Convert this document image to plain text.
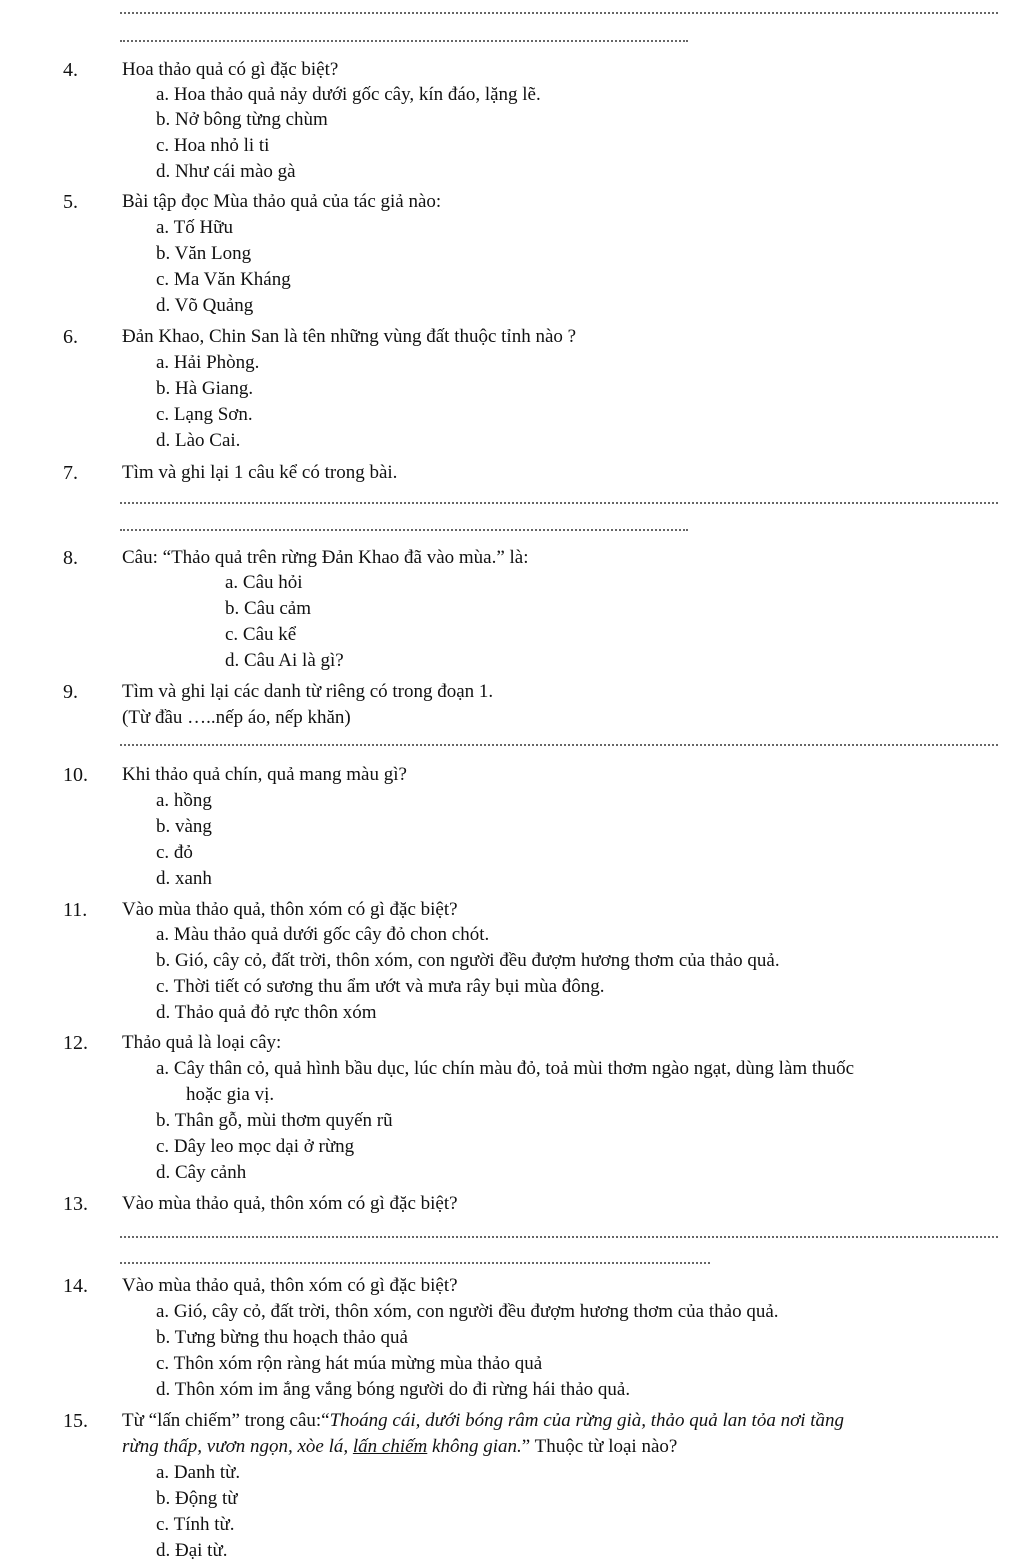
4. Hoa thảo quả có gì đặc biệt?
a. Hoa thảo quả nảy dưới gốc cây, kín đáo, lặng lẽ.
b. Nở bông từng chùm
c. Hoa nhỏ li ti
d. Như cái mào gà
5. Bài tập đọc Mùa thảo quả của tác giả nào:
a. Tố Hữu
b. Văn Long
c. Ma Văn Kháng
d. Võ Quảng
6. Đản Khao, Chin San là tên những vùng đất thuộc tỉnh nào ?
a. Hải Phòng.
b. Hà Giang.
c. Lạng Sơn.
d. Lào Cai.
7. Tìm và ghi lại 1 câu kể có trong bài.
8. Câu: “Thảo quả trên rừng Đản Khao đã vào mùa.” là:
a. Câu hỏi
b. Câu cảm
c. Câu kể
d. Câu Ai là gì?
9. Tìm và ghi lại các danh từ riêng có trong đoạn 1.
(Từ đầu …..nếp áo, nếp khăn)
10. Khi thảo quả chín, quả mang màu gì?
a. hồng
b. vàng
c. đỏ
d. xanh
11. Vào mùa thảo quả, thôn xóm có gì đặc biệt?
a. Màu thảo quả dưới gốc cây đỏ chon chót.
b. Gió, cây cỏ, đất trời, thôn xóm, con người đều đượm hương thơm của thảo quả.
c. Thời tiết có sương thu ẩm ướt và mưa rây bụi mùa đông.
d. Thảo quả đỏ rực thôn xóm
12. Thảo quả là loại cây:
a. Cây thân cỏ, quả hình bầu dục, lúc chín màu đỏ, toả mùi thơm ngào ngạt, dùng làm thuốc
hoặc gia vị.
b. Thân gỗ, mùi thơm quyến rũ
c. Dây leo mọc dại ở rừng
d. Cây cảnh
13. Vào mùa thảo quả, thôn xóm có gì đặc biệt?
14. Vào mùa thảo quả, thôn xóm có gì đặc biệt?
a. Gió, cây cỏ, đất trời, thôn xóm, con người đều đượm hương thơm của thảo quả.
b. Tưng bừng thu hoạch thảo quả
c. Thôn xóm rộn ràng hát múa mừng mùa thảo quả
d. Thôn xóm im ắng vắng bóng người do đi rừng hái thảo quả.
15. Từ “lấn chiếm” trong câu:“Thoáng cái, dưới bóng râm của rừng già, thảo quả lan tỏa nơi tầng
rừng thấp, vươn ngọn, xòe lá, lấn chiếm không gian.” Thuộc từ loại nào?
a. Danh từ.
b. Động từ
c. Tính từ.
d. Đại từ.
